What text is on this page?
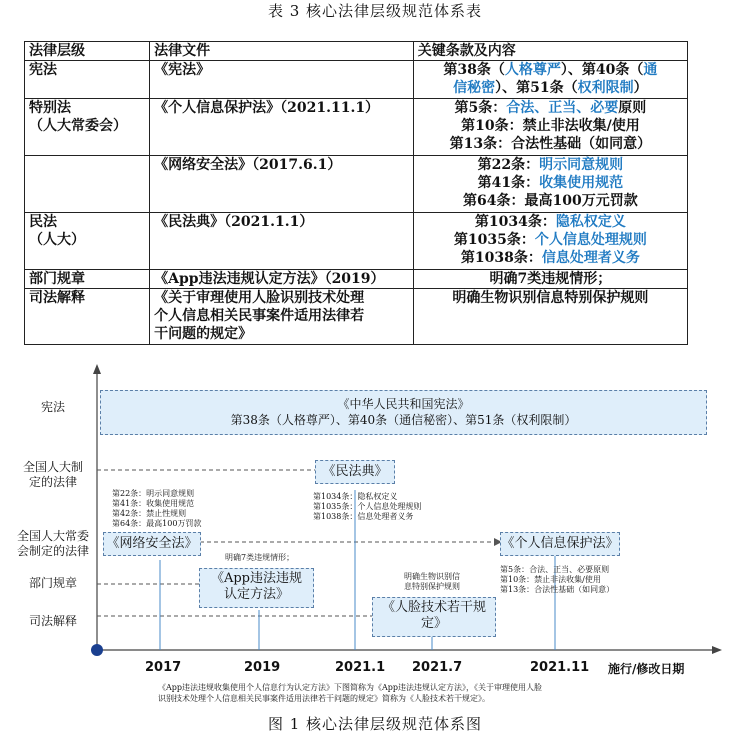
表 3 核心法律层级规范体系表
法律层级	法律文件	关键条款及内容

宪法	《宪法》	第38条（人格尊严）、第40条（通
信秘密）、第51条（权利限制）

特别法
（人大常委会）	《个人信息保护法》（2021.11.1）	第5条：合法、正当、必要原则
第10条：禁止非法收集/使用
第13条：合法性基础（如同意）

	《网络安全法》（2017.6.1）	第22条：明示同意规则
第41条：收集使用规范
第64条：最高100万元罚款

民法
（人大）	《民法典》（2021.1.1）	第1034条：隐私权定义
第1035条：个人信息处理规则
第1038条：信息处理者义务

部门规章	《App违法违规认定方法》（2019）	明确7类违规情形；

司法解释	《关于审理使用人脸识别技术处理
个人信息相关民事案件适用法律若
干问题的规定》	明确生物识别信息特别保护规则
宪法
全国人大制
定的法律
全国人大常委
会制定的法律
部门规章
司法解释
《中华人民共和国宪法》
第38条（人格尊严）、第40条（通信秘密）、第51条（权利限制）
《民法典》
第1034条：隐私权定义
第1035条：个人信息处理规则
第1038条：信息处理者义务
第22条：明示同意规则
第41条：收集使用规范
第42条：禁止性规则
第64条：最高100万罚款
《网络安全法》
明确7类违规情形；
《App违法违规
认定方法》
明确生物识别信
息特别保护规则
《人脸技术若干规
定》
《个人信息保护法》
第5条：合法、正当、必要原则
第10条：禁止非法收集/使用
第13条：合法性基础（如同意）
2017	2019	2021.1 2021.7	2021.11 施行/修改日期
《App违法违规收集使用个人信息行为认定方法》下图简称为《App违法违规认定方法》，《关于审理使用人脸
识别技术处理个人信息相关民事案件适用法律若干问题的规定》简称为《人脸技术若干规定》。
图 1 核心法律层级规范体系图
